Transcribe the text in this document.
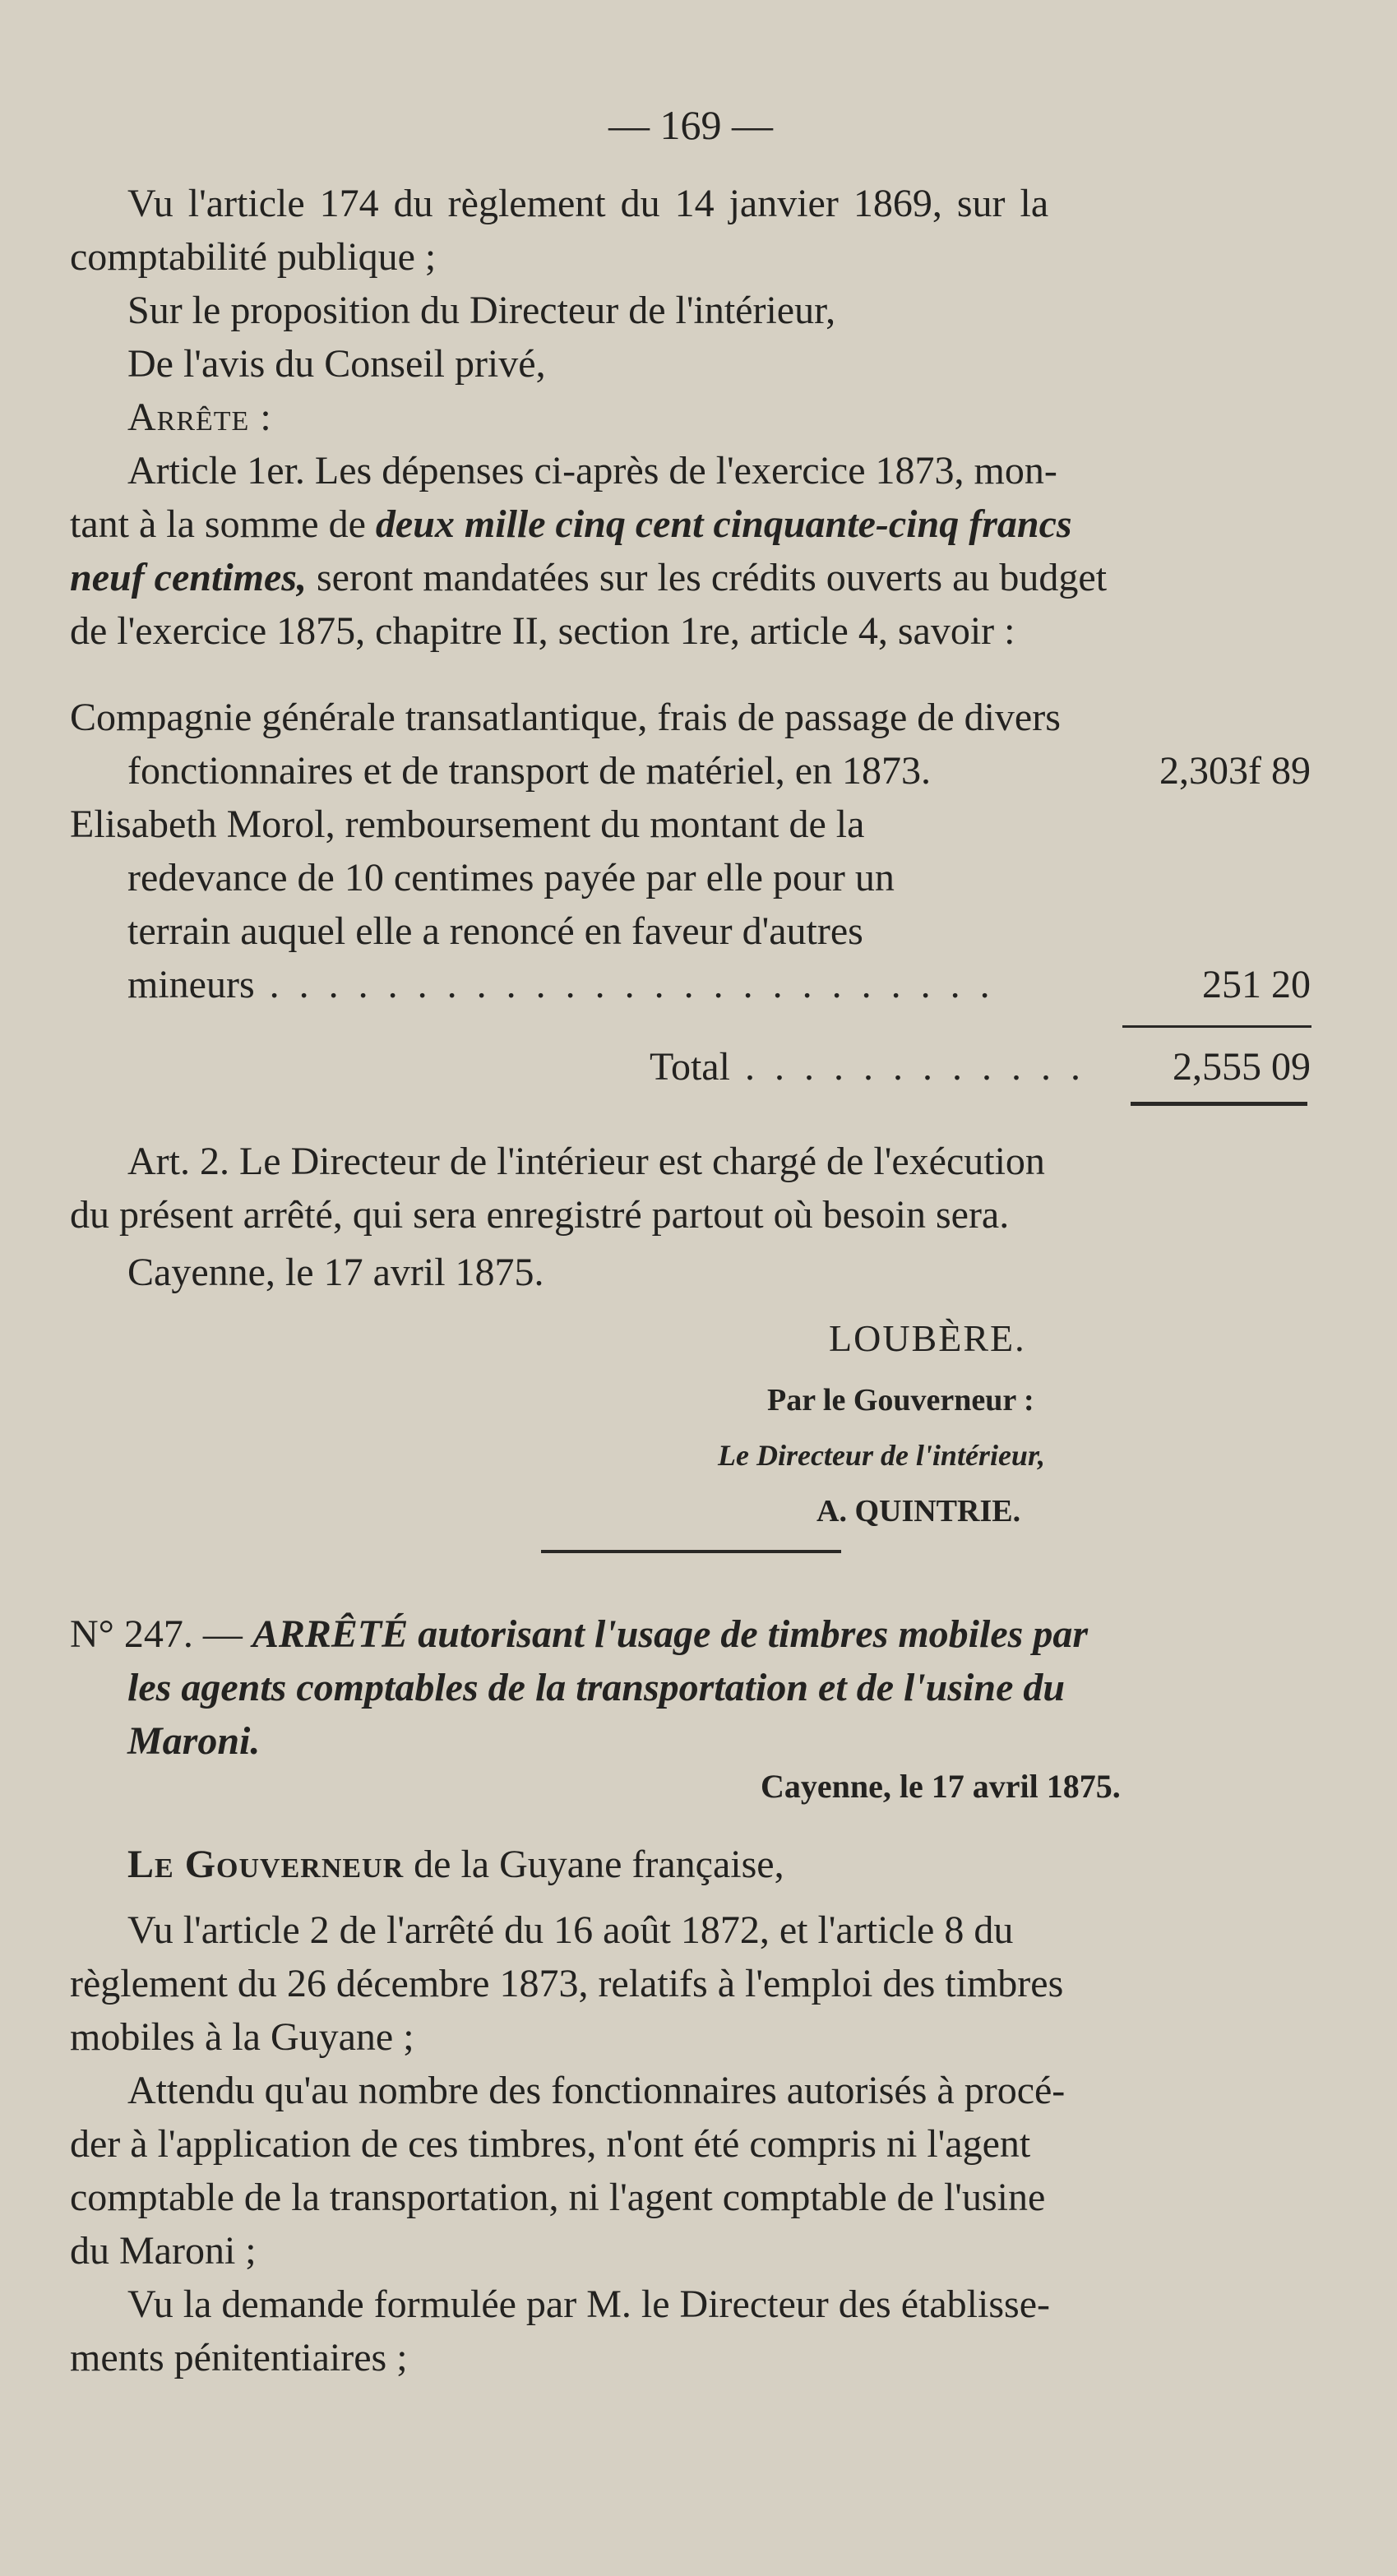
— 169 —
Vu l'article 174 du règlement du 14 janvier 1869, sur la
comptabilité publique ;
Sur le proposition du Directeur de l'intérieur,
De l'avis du Conseil privé,
Arrête :
Article 1er. Les dépenses ci-après de l'exercice 1873, mon-
tant à la somme de deux mille cinq cent cinquante-cinq francs
neuf centimes, seront mandatées sur les crédits ouverts au budget
de l'exercice 1875, chapitre II, section 1re, article 4, savoir :
Compagnie générale transatlantique, frais de passage de divers
fonctionnaires et de transport de matériel, en 1873.	2,303f 89
Elisabeth Morol, remboursement du montant de la
redevance de 10 centimes payée par elle pour un
terrain auquel elle a renoncé en faveur d'autres
mineurs . . . . . . . . . . . . . . . . . . . . . . . . .	251 20
Total . . . . . . . . . . . . 2,555 09
Art. 2. Le Directeur de l'intérieur est chargé de l'exécution
du présent arrêté, qui sera enregistré partout où besoin sera.
Cayenne, le 17 avril 1875.
LOUBÈRE.
Par le Gouverneur :
Le Directeur de l'intérieur,
A. QUINTRIE.
N° 247. — ARRÊTÉ autorisant l'usage de timbres mobiles par
les agents comptables de la transportation et de l'usine du
Maroni.
Cayenne, le 17 avril 1875.
Le Gouverneur de la Guyane française,
Vu l'article 2 de l'arrêté du 16 août 1872, et l'article 8 du
règlement du 26 décembre 1873, relatifs à l'emploi des timbres
mobiles à la Guyane ;
Attendu qu'au nombre des fonctionnaires autorisés à procé-
der à l'application de ces timbres, n'ont été compris ni l'agent
comptable de la transportation, ni l'agent comptable de l'usine
du Maroni ;
Vu la demande formulée par M. le Directeur des établisse-
ments pénitentiaires ;
